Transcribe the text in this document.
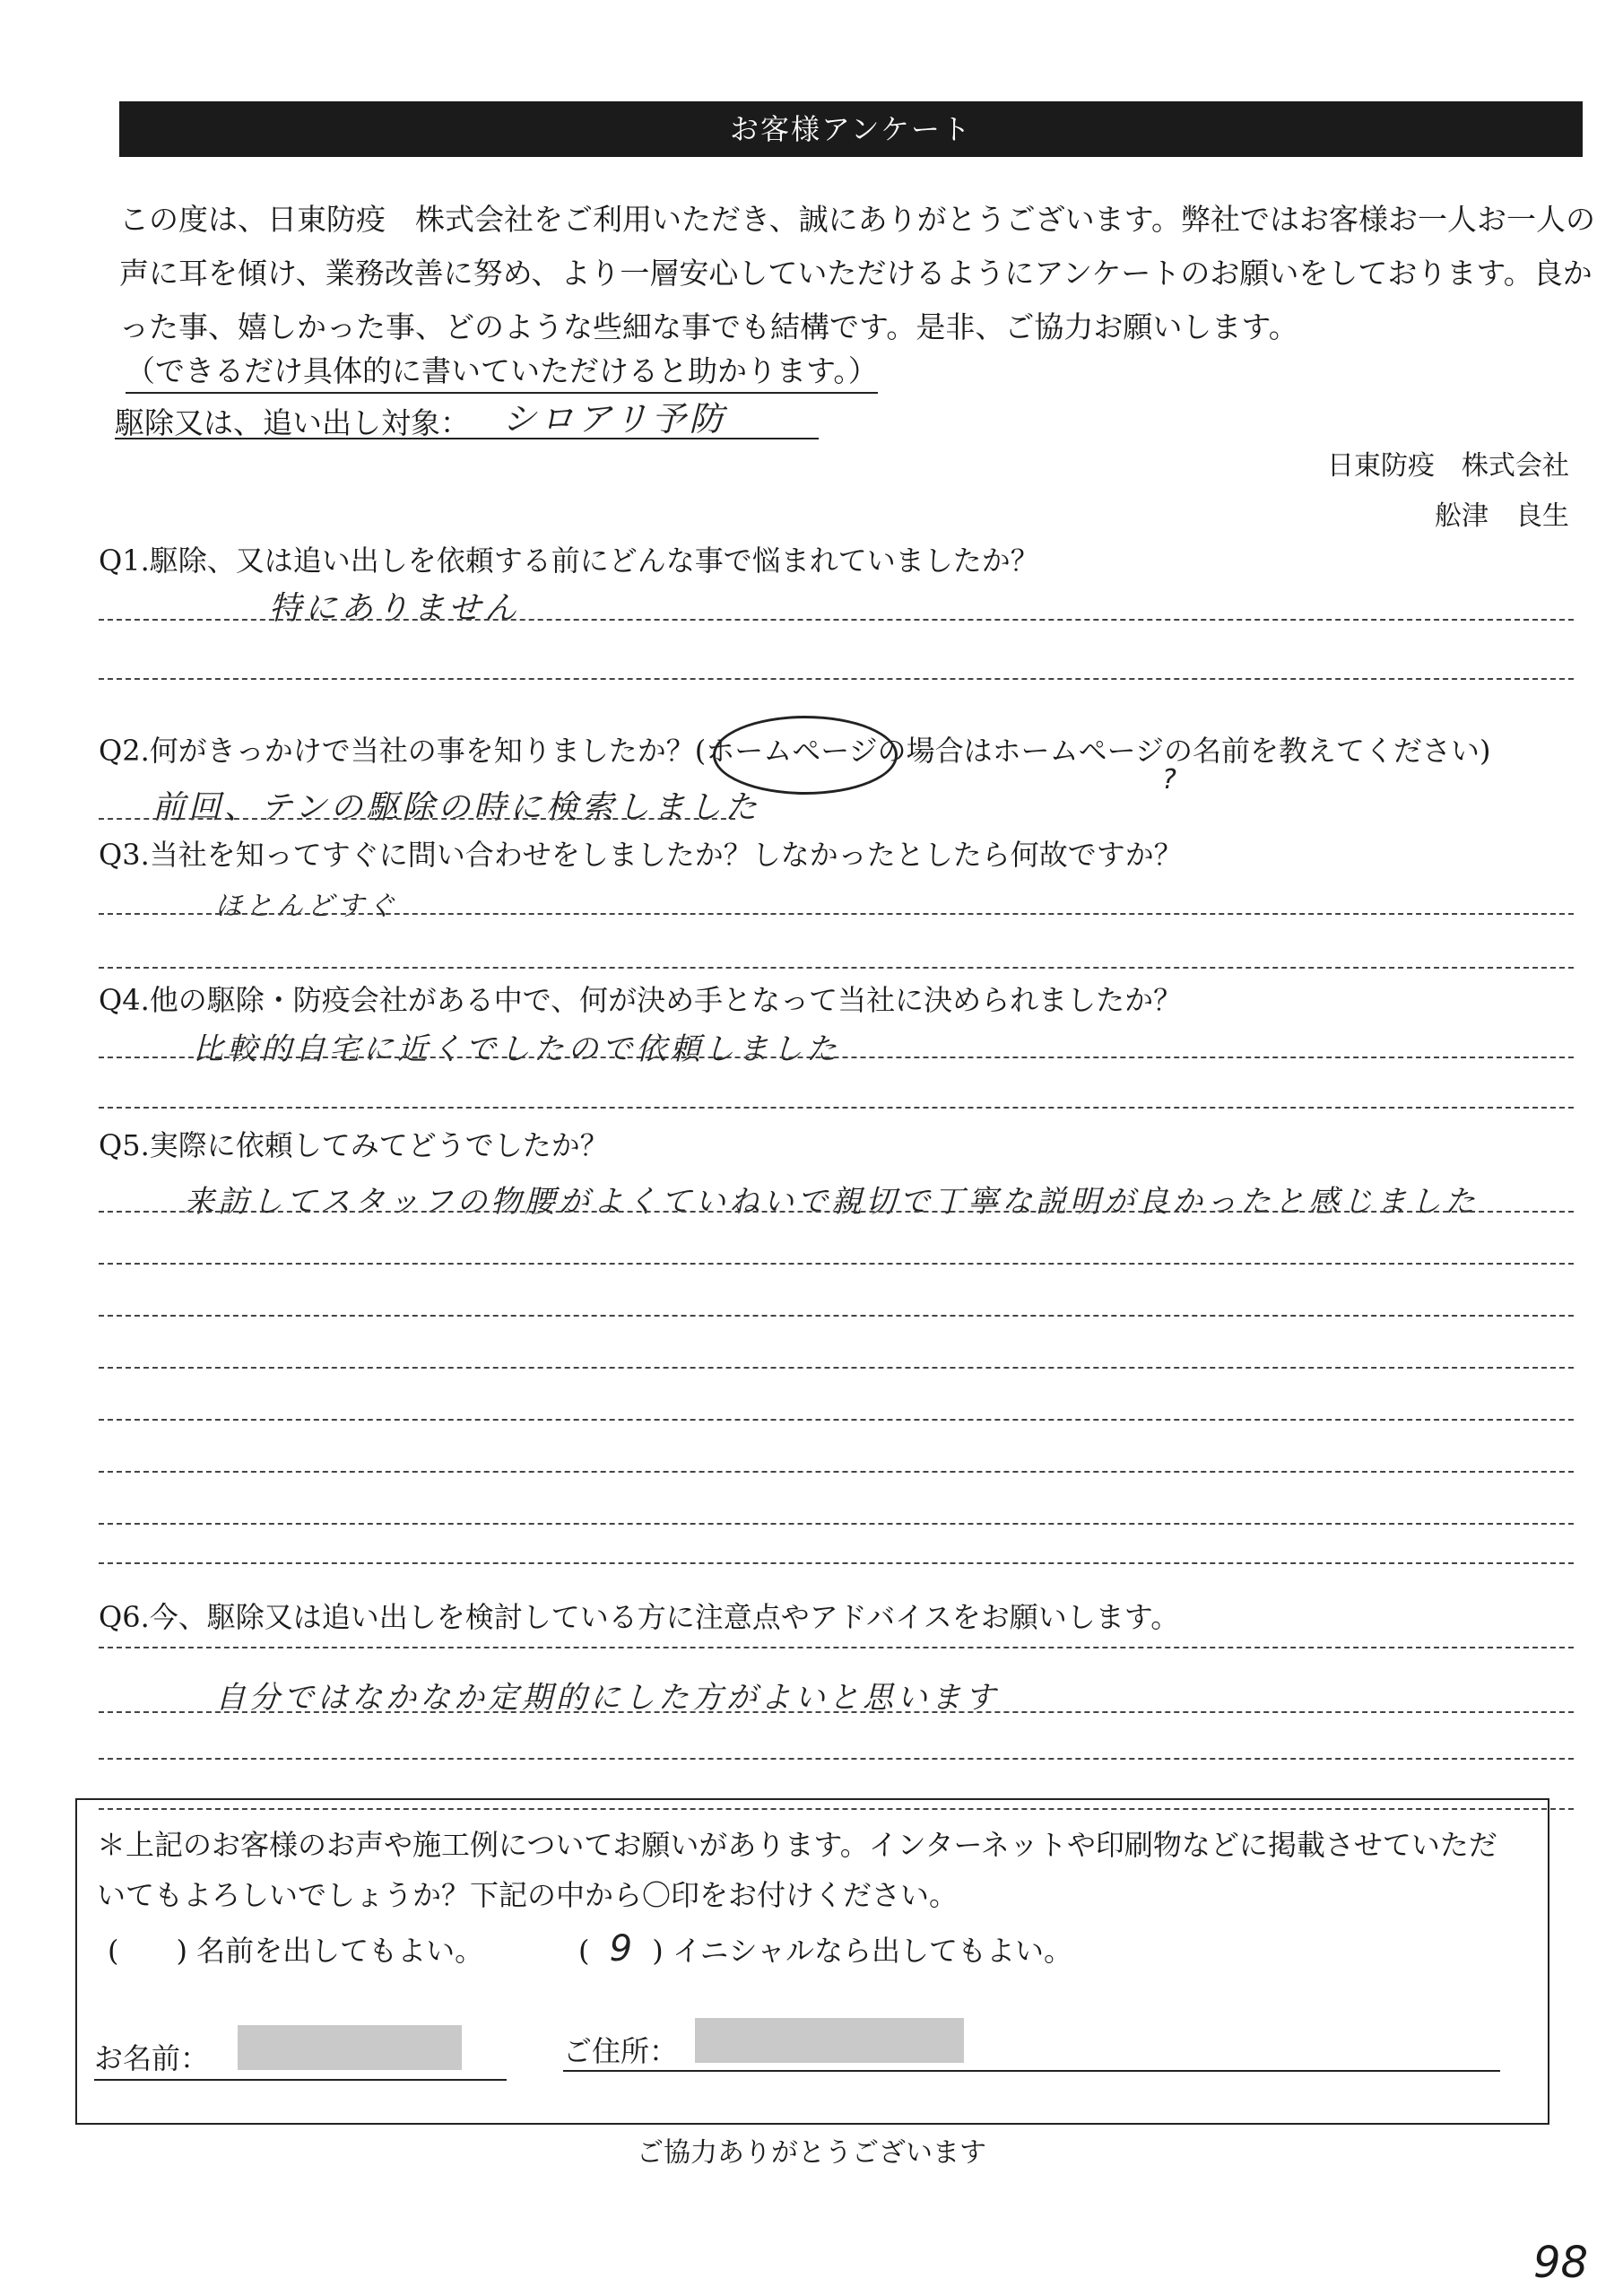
お客様アンケート
この度は、日東防疫　株式会社をご利用いただき、誠にありがとうございます。弊社ではお客様お一人お一人の
声に耳を傾け、業務改善に努め、より一層安心していただけるようにアンケートのお願いをしております。良か
った事、嬉しかった事、どのような些細な事でも結構です。是非、ご協力お願いします。
（できるだけ具体的に書いていただけると助かります。）
駆除又は、追い出し対象： シロアリ予防
日東防疫　株式会社
舩津　良生
Q1.駆除、又は追い出しを依頼する前にどんな事で悩まれていましたか？
特にありません
Q2.何がきっかけで当社の事を知りましたか？(ホームページの場合はホームページの名前を教えてください)
?
前回、テンの駆除の時に検索しました
Q3.当社を知ってすぐに問い合わせをしましたか？しなかったとしたら何故ですか？
ほとんどすぐ
Q4.他の駆除・防疫会社がある中で、何が決め手となって当社に決められましたか？
比較的自宅に近くでしたので依頼しました
Q5.実際に依頼してみてどうでしたか？
来訪してスタッフの物腰がよくていねいで親切で丁寧な説明が良かったと感じました
Q6.今、駆除又は追い出しを検討している方に注意点やアドバイスをお願いします。
自分ではなかなか定期的にした方がよいと思います
＊上記のお客様のお声や施工例についてお願いがあります。インターネットや印刷物などに掲載させていただ
いてもよろしいでしょうか？下記の中から〇印をお付けください。
(　　) 名前を出してもよい。	( 9 ) イニシャルなら出してもよい。
お名前：	ご住所：
ご協力ありがとうございます
98
